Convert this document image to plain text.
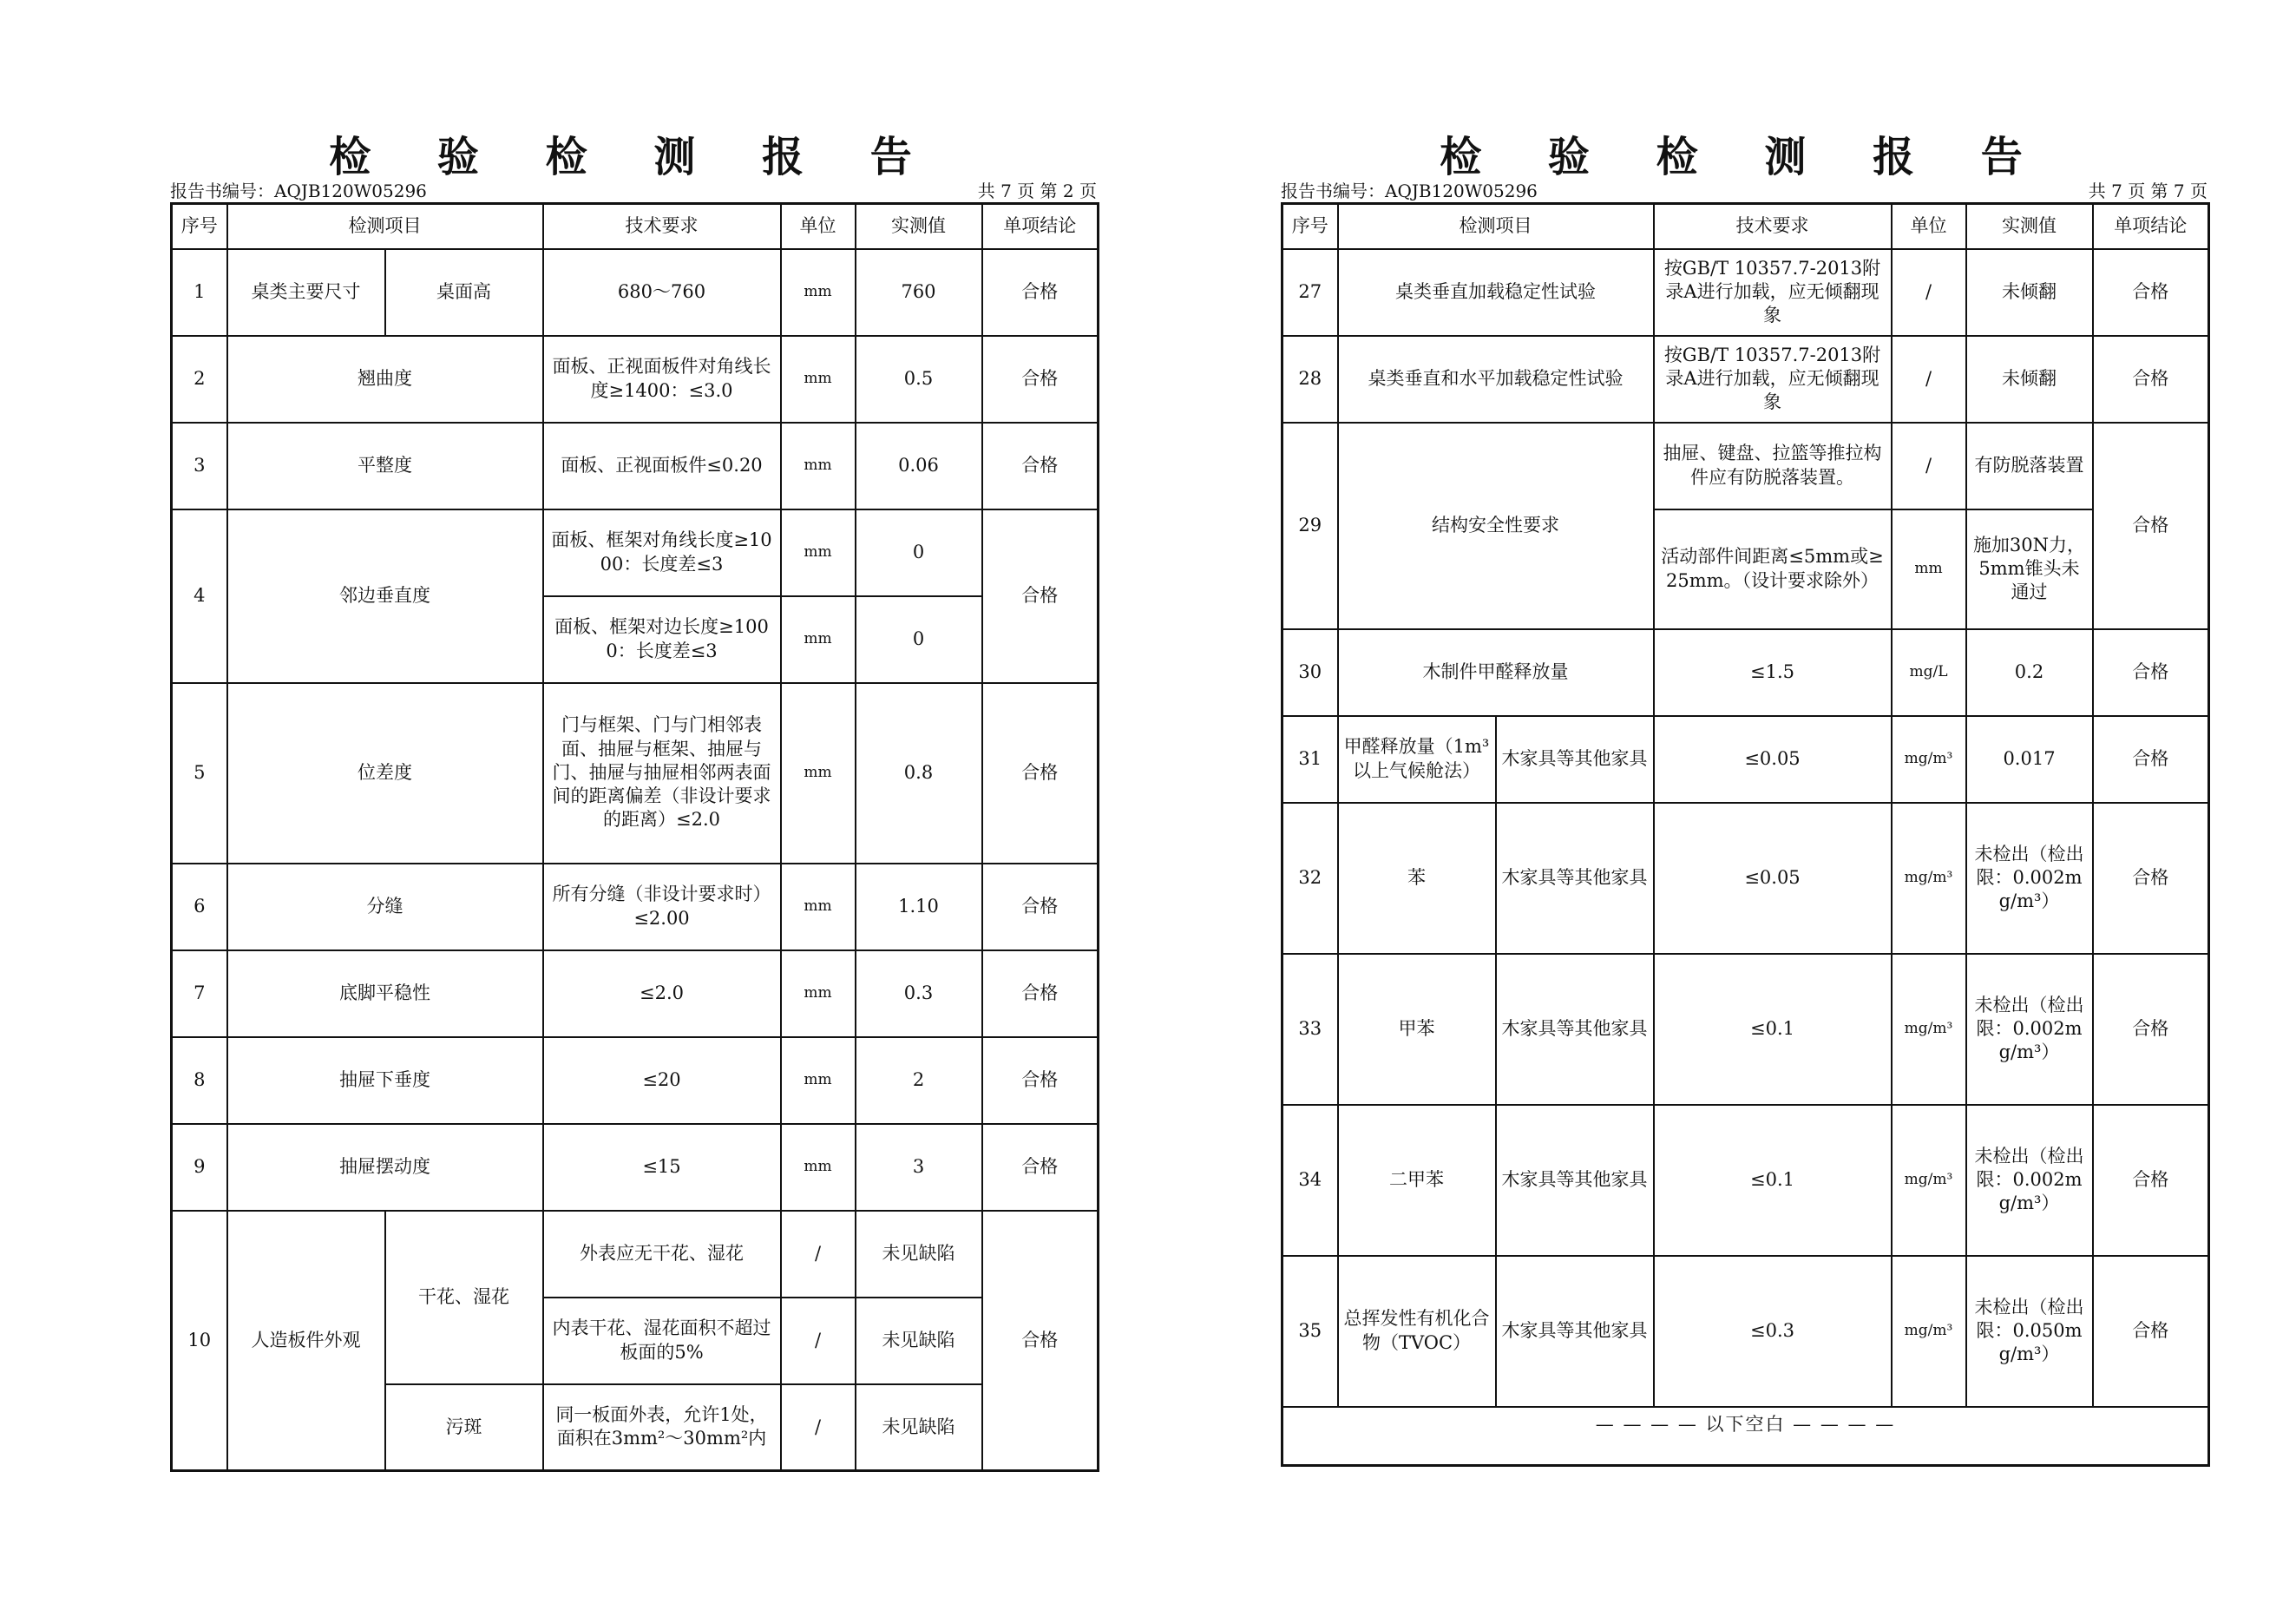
检 验 检 测 报 告
报告书编号：AQJB120W05296	共 7 页 第 2 页
序号	检测项目		技术要求	单位	实测值	单项结论
1	桌类主要尺寸	桌面高	680～760	mm	760	合格
2	翘曲度		面板、正视面板件对角线长度≥1400：≤3.0	mm	0.5	合格
3	平整度		面板、正视面板件≤0.20	mm	0.06	合格
4	邻边垂直度		面板、框架对角线长度≥1000：长度差≤3	mm	0	合格
			面板、框架对边长度≥1000：长度差≤3	mm	0	
5	位差度		门与框架、门与门相邻表面、抽屉与框架、抽屉与门、抽屉与抽屉相邻两表面间的距离偏差（非设计要求的距离）≤2.0	mm	0.8	合格
6	分缝		所有分缝（非设计要求时）≤2.00	mm	1.10	合格
7	底脚平稳性		≤2.0	mm	0.3	合格
8	抽屉下垂度		≤20	mm	2	合格
9	抽屉摆动度		≤15	mm	3	合格
10	人造板件外观	干花、湿花	外表应无干花、湿花	/	未见缺陷	合格
			内表干花、湿花面积不超过板面的5%	/	未见缺陷	
		污斑	同一板面外表，允许1处，面积在3mm²～30mm²内	/	未见缺陷	
检 验 检 测 报 告
报告书编号：AQJB120W05296	共 7 页 第 7 页
序号	检测项目		技术要求	单位	实测值	单项结论
27	桌类垂直加载稳定性试验		按GB/T 10357.7-2013附录A进行加载，应无倾翻现象	/	未倾翻	合格
28	桌类垂直和水平加载稳定性试验		按GB/T 10357.7-2013附录A进行加载，应无倾翻现象	/	未倾翻	合格
29	结构安全性要求		抽屉、键盘、拉篮等推拉构件应有防脱落装置。	/	有防脱落装置	合格
			活动部件间距离≤5mm或≥25mm。（设计要求除外）	mm	施加30N力，5mm锥头未通过	
30	木制件甲醛释放量		≤1.5	mg/L	0.2	合格
31	甲醛释放量（1m³以上气候舱法）	木家具等其他家具	≤0.05	mg/m³	0.017	合格
32	苯	木家具等其他家具	≤0.05	mg/m³	未检出（检出限：0.002mg/m³）	合格
33	甲苯	木家具等其他家具	≤0.1	mg/m³	未检出（检出限：0.002mg/m³）	合格
34	二甲苯	木家具等其他家具	≤0.1	mg/m³	未检出（检出限：0.002mg/m³）	合格
35	总挥发性有机化合物（TVOC）	木家具等其他家具	≤0.3	mg/m³	未检出（检出限：0.050mg/m³）	合格
— — — — 以下空白 — — — —						
